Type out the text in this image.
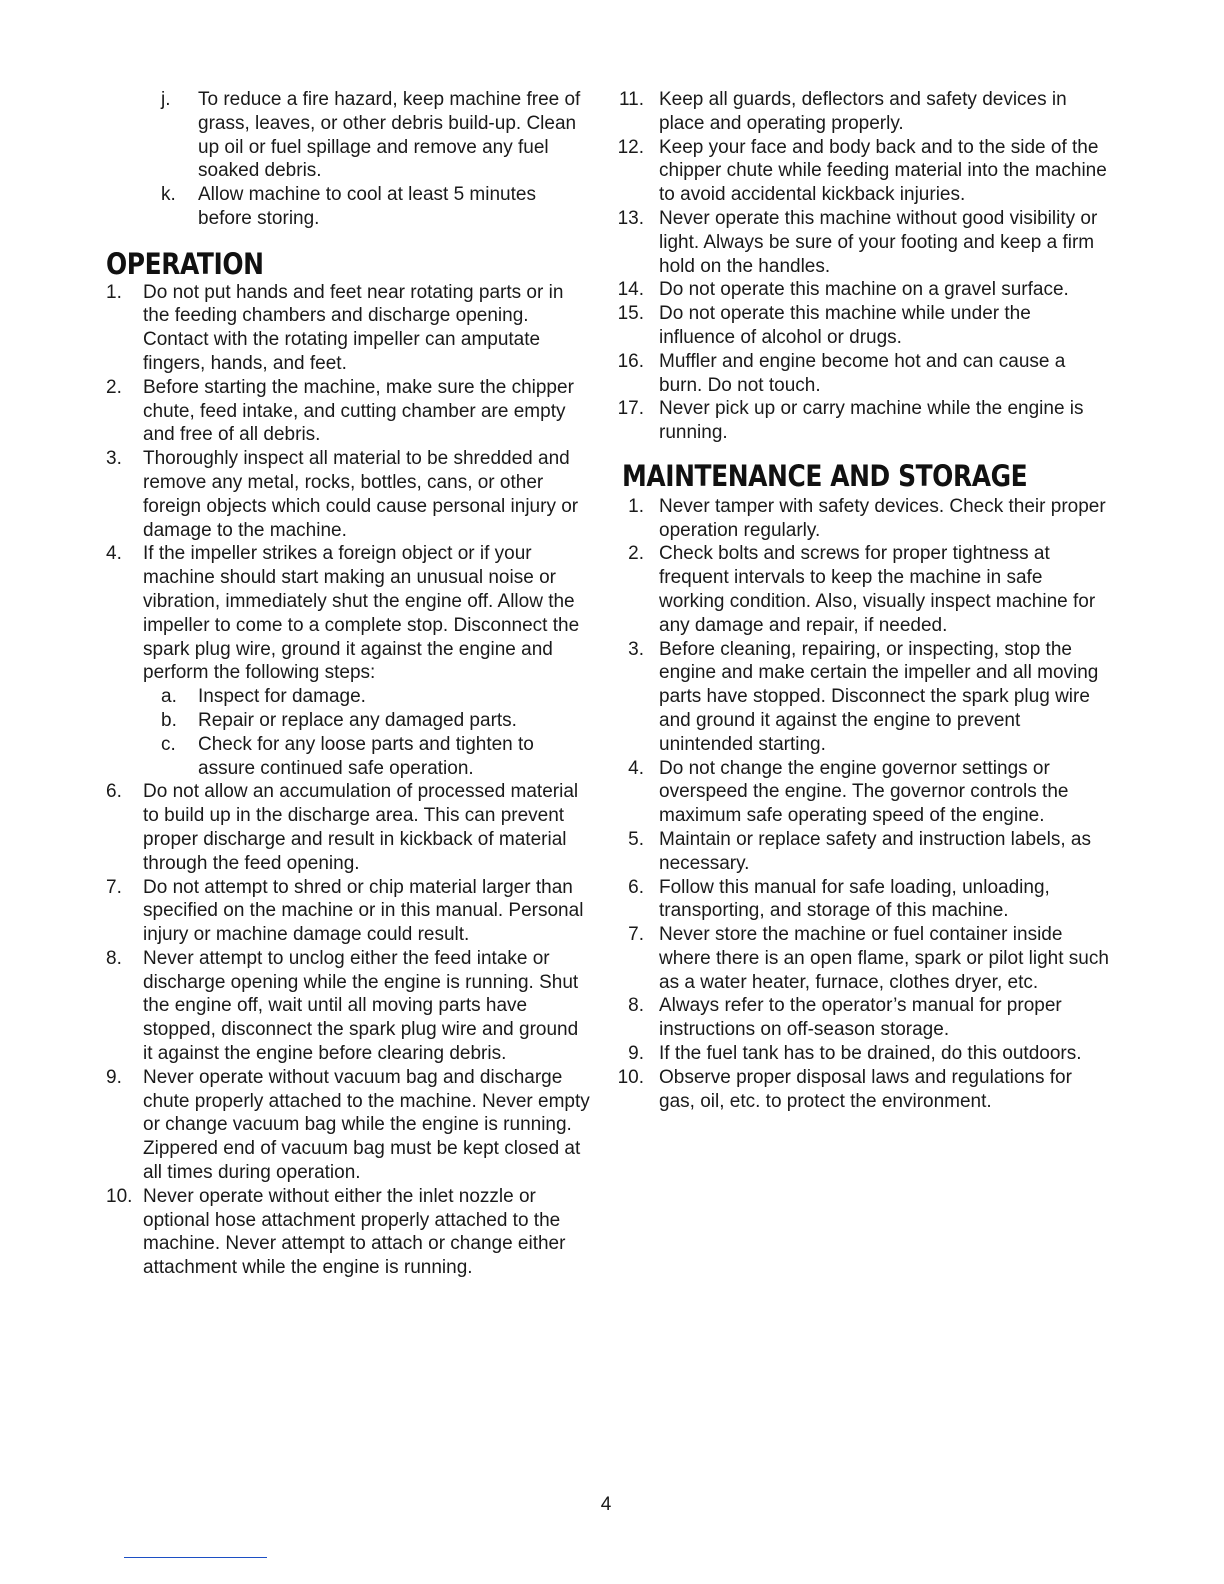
j. To reduce a fire hazard, keep machine free of grass, leaves, or other debris build-up. Clean up oil or fuel spillage and remove any fuel soaked debris.
k. Allow machine to cool at least 5 minutes before storing.
OPERATION
1. Do not put hands and feet near rotating parts or in the feeding chambers and discharge opening. Contact with the rotating impeller can amputate fingers, hands, and feet.
2. Before starting the machine, make sure the chipper chute, feed intake, and cutting chamber are empty and free of all debris.
3. Thoroughly inspect all material to be shredded and remove any metal, rocks, bottles, cans, or other foreign objects which could cause personal injury or damage to the machine.
4. If the impeller strikes a foreign object or if your machine should start making an unusual noise or vibration, immediately shut the engine off. Allow the impeller to come to a complete stop. Disconnect the spark plug wire, ground it against the engine and perform the following steps:
a. Inspect for damage.
b. Repair or replace any damaged parts.
c. Check for any loose parts and tighten to assure continued safe operation.
6. Do not allow an accumulation of processed material to build up in the discharge area. This can prevent proper discharge and result in kickback of material through the feed opening.
7. Do not attempt to shred or chip material larger than specified on the machine or in this manual. Personal injury or machine damage could result.
8. Never attempt to unclog either the feed intake or discharge opening while the engine is running. Shut the engine off, wait until all moving parts have stopped, disconnect the spark plug wire and ground it against the engine before clearing debris.
9. Never operate without vacuum bag and discharge chute properly attached to the machine. Never empty or change vacuum bag while the engine is running. Zippered end of vacuum bag must be kept closed at all times during operation.
10. Never operate without either the inlet nozzle or optional hose attachment properly attached to the machine. Never attempt to attach or change either attachment while the engine is running.
11. Keep all guards, deflectors and safety devices in place and operating properly.
12. Keep your face and body back and to the side of the chipper chute while feeding material into the machine to avoid accidental kickback injuries.
13. Never operate this machine without good visibility or light. Always be sure of your footing and keep a firm hold on the handles.
14. Do not operate this machine on a gravel surface.
15. Do not operate this machine while under the influence of alcohol or drugs.
16. Muffler and engine become hot and can cause a burn. Do not touch.
17. Never pick up or carry machine while the engine is running.
MAINTENANCE AND STORAGE
1. Never tamper with safety devices. Check their proper operation regularly.
2. Check bolts and screws for proper tightness at frequent intervals to keep the machine in safe working condition. Also, visually inspect machine for any damage and repair, if needed.
3. Before cleaning, repairing, or inspecting, stop the engine and make certain the impeller and all moving parts have stopped. Disconnect the spark plug wire and ground it against the engine to prevent unintended starting.
4. Do not change the engine governor settings or overspeed the engine. The governor controls the maximum safe operating speed of the engine.
5. Maintain or replace safety and instruction labels, as necessary.
6. Follow this manual for safe loading, unloading, transporting, and storage of this machine.
7. Never store the machine or fuel container inside where there is an open flame, spark or pilot light such as a water heater, furnace, clothes dryer, etc.
8. Always refer to the operator’s manual for proper instructions on off-season storage.
9. If the fuel tank has to be drained, do this outdoors.
10. Observe proper disposal laws and regulations for gas, oil, etc. to protect the environment.
4
